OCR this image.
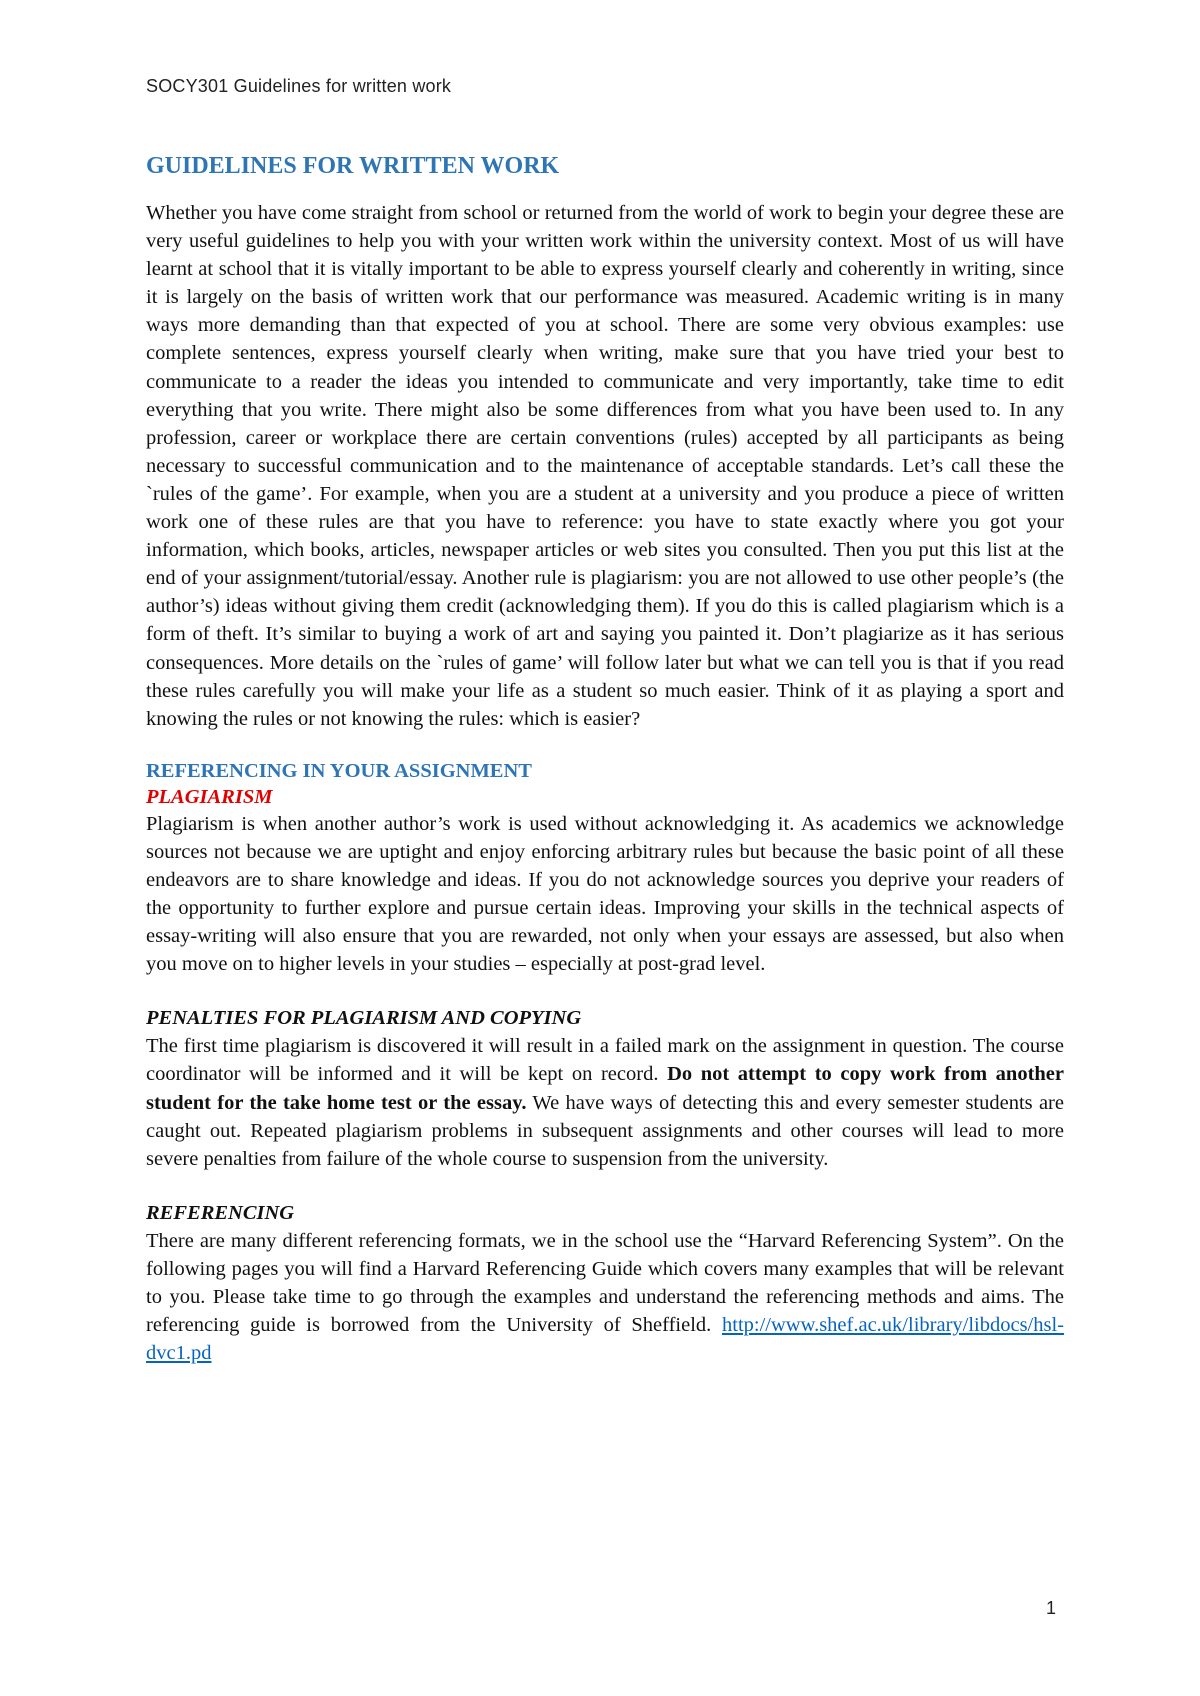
SOCY301 Guidelines for written work
GUIDELINES FOR WRITTEN WORK

Whether you have come straight from school or returned from the world of work to begin your degree these are very useful guidelines to help you with your written work within the university context. Most of us will have learnt at school that it is vitally important to be able to express yourself clearly and coherently in writing, since it is largely on the basis of written work that our performance was measured. Academic writing is in many ways more demanding than that expected of you at school. There are some very obvious examples: use complete sentences, express yourself clearly when writing, make sure that you have tried your best to communicate to a reader the ideas you intended to communicate and very importantly, take time to edit everything that you write. There might also be some differences from what you have been used to. In any profession, career or workplace there are certain conventions (rules) accepted by all participants as being necessary to successful communication and to the maintenance of acceptable standards. Let’s call these the `rules of the game’. For example, when you are a student at a university and you produce a piece of written work one of these rules are that you have to reference: you have to state exactly where you got your information, which books, articles, newspaper articles or web sites you consulted. Then you put this list at the end of your assignment/tutorial/essay. Another rule is plagiarism: you are not allowed to use other people’s (the author’s) ideas without giving them credit (acknowledging them). If you do this is called plagiarism which is a form of theft. It’s similar to buying a work of art and saying you painted it. Don’t plagiarize as it has serious consequences. More details on the `rules of game’ will follow later but what we can tell you is that if you read these rules carefully you will make your life as a student so much easier. Think of it as playing a sport and knowing the rules or not knowing the rules: which is easier?

REFERENCING IN YOUR ASSIGNMENT
PLAGIARISM

Plagiarism is when another author’s work is used without acknowledging it. As academics we acknowledge sources not because we are uptight and enjoy enforcing arbitrary rules but because the basic point of all these endeavors are to share knowledge and ideas. If you do not acknowledge sources you deprive your readers of the opportunity to further explore and pursue certain ideas. Improving your skills in the technical aspects of essay-writing will also ensure that you are rewarded, not only when your essays are assessed, but also when you move on to higher levels in your studies – especially at post-grad level.

PENALTIES FOR PLAGIARISM AND COPYING

The first time plagiarism is discovered it will result in a failed mark on the assignment in question. The course coordinator will be informed and it will be kept on record. Do not attempt to copy work from another student for the take home test or the essay. We have ways of detecting this and every semester students are caught out. Repeated plagiarism problems in subsequent assignments and other courses will lead to more severe penalties from failure of the whole course to suspension from the university.

REFERENCING

There are many different referencing formats, we in the school use the “Harvard Referencing System”. On the following pages you will find a Harvard Referencing Guide which covers many examples that will be relevant to you. Please take time to go through the examples and understand the referencing methods and aims. The referencing guide is borrowed from the University of Sheffield. http://www.shef.ac.uk/library/libdocs/hsl-dvc1.pd

1
